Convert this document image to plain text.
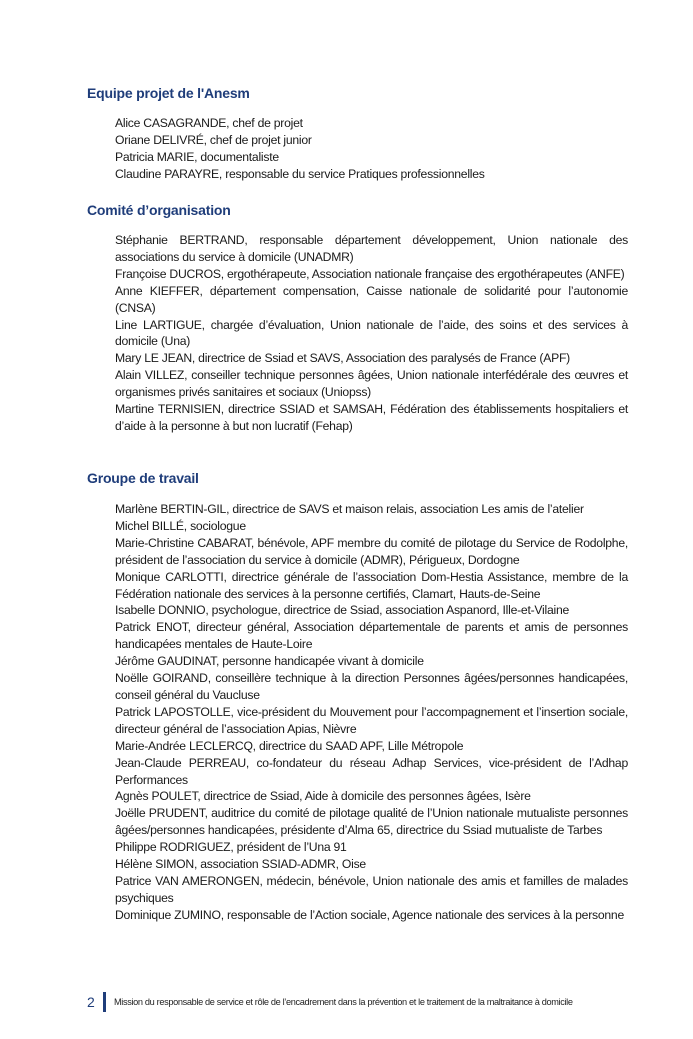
Equipe projet de l'Anesm
Alice CASAGRANDE, chef de projet
Oriane DELIVRÉ, chef de projet junior
Patricia MARIE, documentaliste
Claudine PARAYRE, responsable du service Pratiques professionnelles
Comité d’organisation
Stéphanie BERTRAND, responsable département développement, Union nationale des associations du service à domicile (UNADMR)
Françoise DUCROS, ergothérapeute, Association nationale française des ergothérapeutes (ANFE)
Anne KIEFFER, département compensation, Caisse nationale de solidarité pour l’autonomie (CNSA)
Line LARTIGUE, chargée d’évaluation, Union nationale de l’aide, des soins et des services à domicile (Una)
Mary LE JEAN, directrice de Ssiad et SAVS, Association des paralysés de France (APF)
Alain VILLEZ, conseiller technique personnes âgées, Union nationale interfédérale des œuvres et organismes privés sanitaires et sociaux (Uniopss)
Martine TERNISIEN, directrice SSIAD et SAMSAH, Fédération des établissements hospitaliers et d’aide à la personne à but non lucratif (Fehap)
Groupe de travail
Marlène BERTIN-GIL, directrice de SAVS et maison relais, association Les amis de l’atelier
Michel BILLÉ, sociologue
Marie-Christine CABARAT, bénévole, APF membre du comité de pilotage du Service de Rodolphe, président de l’association du service à domicile (ADMR), Périgueux, Dordogne
Monique CARLOTTI, directrice générale de l’association Dom-Hestia Assistance, membre de la Fédération nationale des services à la personne certifiés, Clamart, Hauts-de-Seine
Isabelle DONNIO, psychologue, directrice de Ssiad, association Aspanord, Ille-et-Vilaine
Patrick ENOT, directeur général, Association départementale de parents et amis de personnes handicapées mentales de Haute-Loire
Jérôme GAUDINAT, personne handicapée vivant à domicile
Noëlle GOIRAND, conseillère technique à la direction Personnes âgées/personnes handicapées, conseil général du Vaucluse
Patrick LAPOSTOLLE, vice-président du Mouvement pour l’accompagnement et l’insertion sociale, directeur général de l’association Apias, Nièvre
Marie-Andrée LECLERCQ, directrice du SAAD APF, Lille Métropole
Jean-Claude PERREAU, co-fondateur du réseau Adhap Services, vice-président de l’Adhap Performances
Agnès POULET, directrice de Ssiad, Aide à domicile des personnes âgées, Isère
Joëlle PRUDENT, auditrice du comité de pilotage qualité de l’Union nationale mutualiste personnes âgées/personnes handicapées, présidente d’Alma 65, directrice du Ssiad mutualiste de Tarbes
Philippe RODRIGUEZ, président de l’Una 91
Hélène SIMON, association SSIAD-ADMR, Oise
Patrice VAN AMERONGEN, médecin, bénévole, Union nationale des amis et familles de malades psychiques
Dominique ZUMINO, responsable de l’Action sociale, Agence nationale des services à la personne
2	Mission du responsable de service et rôle de l’encadrement dans la prévention et le traitement de la maltraitance à domicile
